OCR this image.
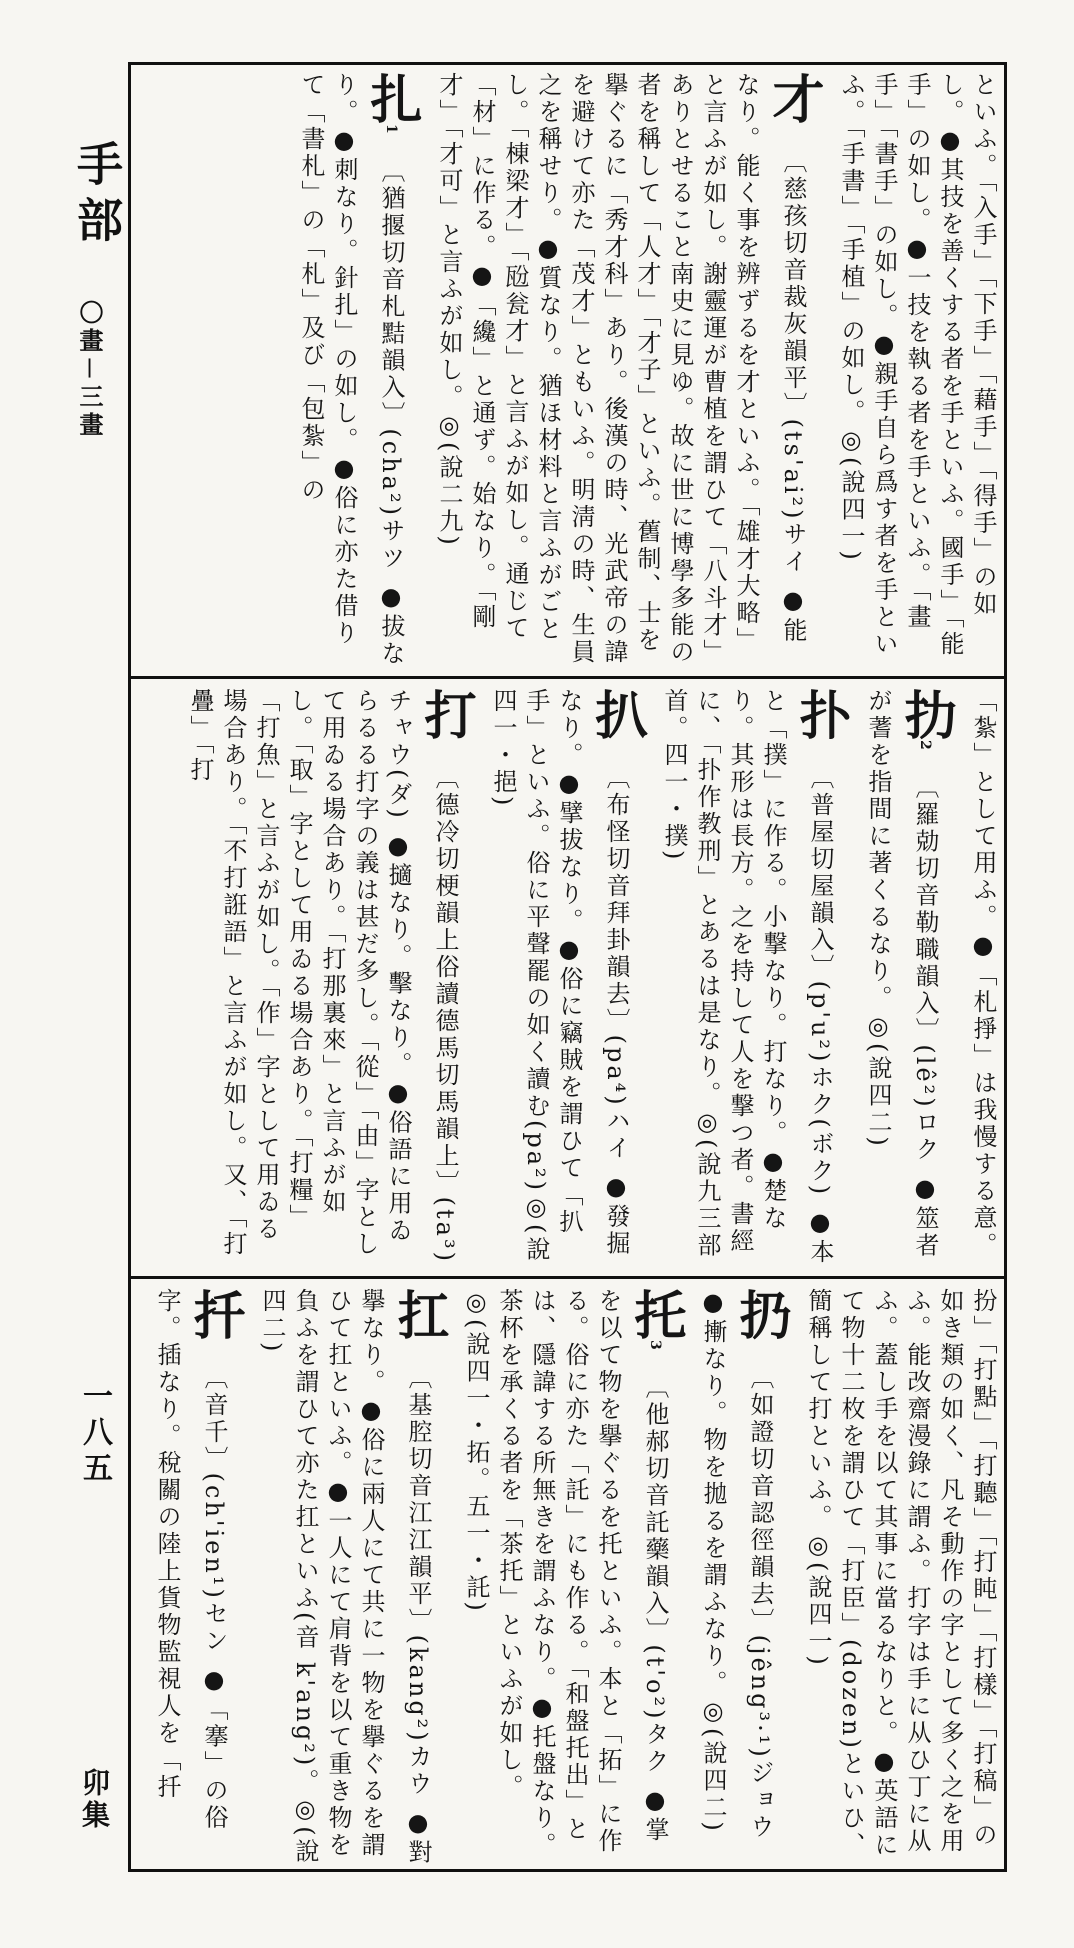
手部
〇畫－三畫
一八五
卯集

といふ。「入手」「下手」「藉手」「得手」の如し。●其技を善くする者を手といふ。國手」「能手」の如し。●一技を執る者を手といふ。「畫手」「書手」の如し。●親手自ら爲す者を手といふ。「手書」「手植」の如し。◎(說四一)

才 〔慈孩切音裁灰韻平〕(ts'ai²)サイ ●能なり。能く事を辨ずるを才といふ。「雄才大略」と言ふが如し。謝靈運が曹植を謂ひて「八斗才」ありとせること南史に見ゆ。故に世に博學多能の者を稱して「人才」「才子」といふ。舊制、士を擧ぐるに「秀才科」あり。後漢の時、光武帝の諱を避けて亦た「茂才」ともいふ。明淸の時、生員之を稱せり。●質なり。猶ほ材料と言ふがごとし。「棟梁才」「瓰瓮才」と言ふが如し。通じて「材」に作る。●「纔」と通ず。始なり。「剛才」「才可」と言ふが如し。◎(說二九)

扎$^1$ 〔猶揠切音札黠韻入〕(cha²)サツ ●拔なり。●刺なり。針扎」の如し。●俗に亦た借りて「書札」の「札」及び「包紮」の

「紮」として用ふ。●「札掙」は我慢する意。

扐$^2$ 〔羅勀切音勒職韻入〕(lê²)ロク ●筮者が蓍を指間に著くるなり。◎(說四二)

扑 〔普屋切屋韻入〕(p'u²)ホク(ボク) ●本と「撲」に作る。小撃なり。打なり。●楚なり。其形は長方。之を持して人を撃つ者。書經に、「扑作教刑」とあるは是なり。◎(說九三部首。四一・撲)

扒 〔布怪切音拜卦韻去〕(pa⁴)ハイ ●發掘なり。●擘拔なり。●俗に竊賊を謂ひて「扒手」といふ。俗に平聲罷の如く讀む(pa²)◎(說四一・挹)

打 〔德冷切梗韻上俗讀德馬切馬韻上〕(ta³)チャウ(ダ) ●擿なり。擊なり。●俗語に用ゐらるる打字の義は甚だ多し。「從」「由」字として用ゐる場合あり。「打那裏來」と言ふが如し。「取」字として用ゐる場合あり。「打糧」「打魚」と言ふが如し。「作」字として用ゐる場合あり。「不打誑語」と言ふが如し。又、「打疊」「打

扮」「打點」「打聽」「打盹」「打樣」「打稿」の如き類の如く、凡そ動作の字として多く之を用ふ。能改齋漫錄に謂ふ。打字は手に从ひ丁に从ふ。蓋し手を以て其事に當るなりと。●英語にて物十二枚を謂ひて「打臣」(dozen)といひ、簡稱して打といふ。◎(說四一)

扔 〔如證切音認徑韻去〕(jêng³·¹)ジョウ ●摲なり。物を拋るを謂ふなり。◎(說四二)

托$^3$ 〔他郝切音託藥韻入〕(t'o²)タク ●掌を以て物を擧ぐるを托といふ。本と「拓」に作る。俗に亦た「託」にも作る。「和盤托出」とは、隱諱する所無きを謂ふなり。●托盤なり。茶杯を承くる者を「茶托」といふが如し。◎(說四一・拓。五一・託)

扛 〔基腔切音江江韻平〕(kang²)カウ ●對擧なり。●俗に兩人にて共に一物を擧ぐるを謂ひて扛といふ。●一人にて肩背を以て重き物を負ふを謂ひて亦た扛といふ(音 k'ang²)。◎(說四二)

扦 〔音千〕(ch'ien¹)セン ●「搴」の俗字。插なり。稅關の陸上貨物監視人を「扦
